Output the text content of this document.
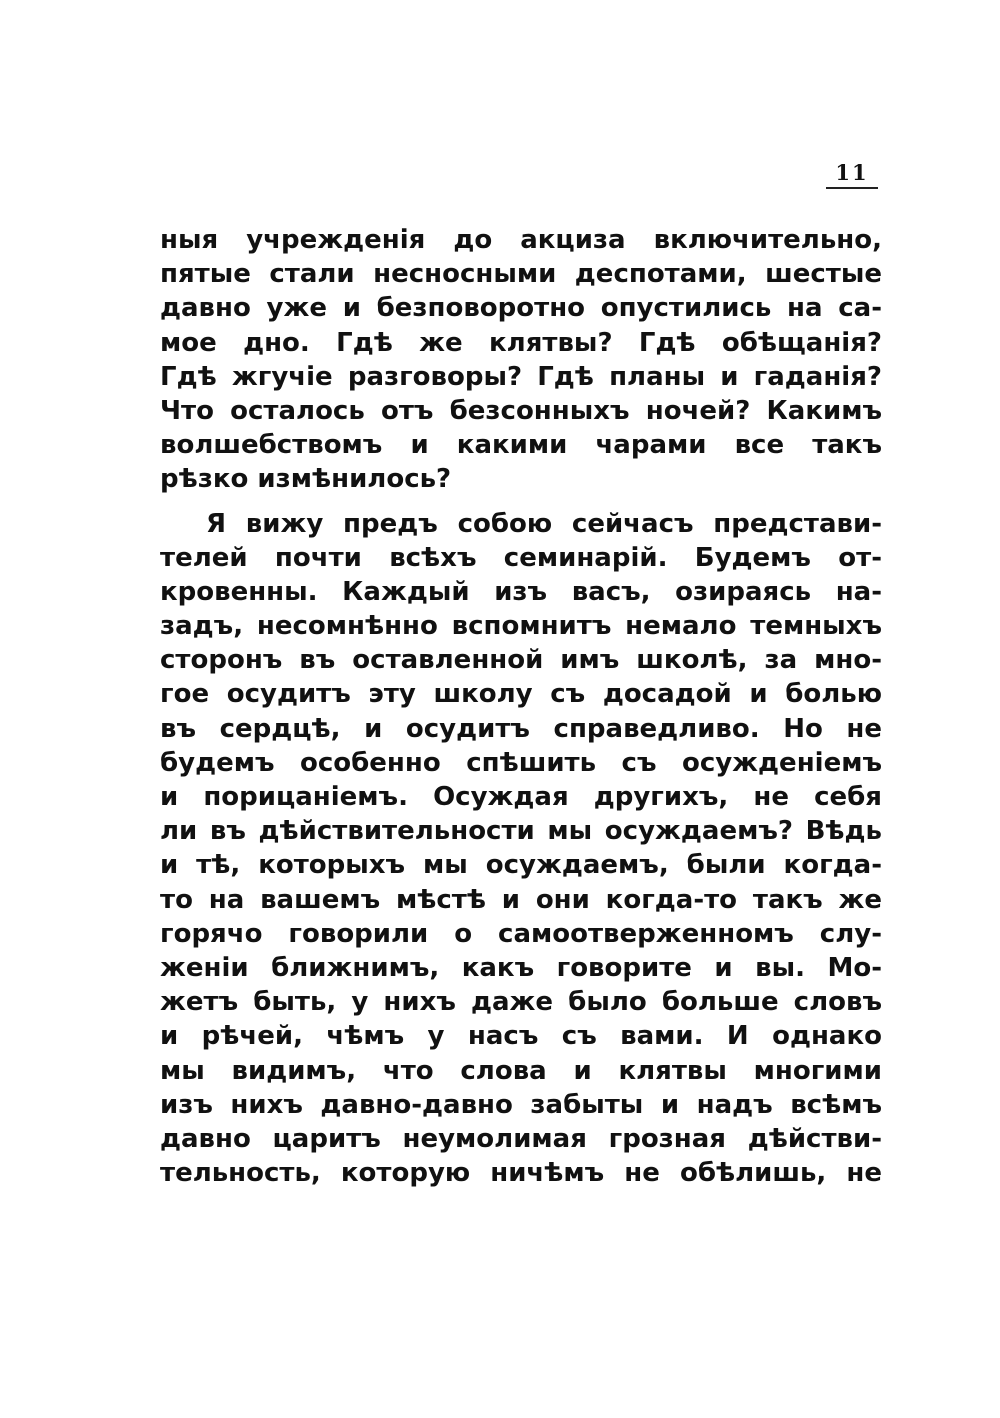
11
ныя учрежденія до акциза включительно,
пятые стали несносными деспотами, шестые
давно уже и безповоротно опустились на са-
мое дно. Гдѣ же клятвы? Гдѣ обѣщанія?
Гдѣ жгучіе разговоры? Гдѣ планы и гаданія?
Что осталось отъ безсонныхъ ночей? Какимъ
волшебствомъ и какими чарами все такъ
рѣзко измѣнилось?
Я вижу предъ собою сейчасъ представи-
телей почти всѣхъ семинарій. Будемъ от-
кровенны. Каждый изъ васъ, озираясь на-
задъ, несомнѣнно вспомнитъ немало темныхъ
сторонъ въ оставленной имъ школѣ, за мно-
гое осудитъ эту школу съ досадой и болью
въ сердцѣ, и осудитъ справедливо. Но не
будемъ особенно спѣшить съ осужденіемъ
и порицаніемъ. Осуждая другихъ, не себя
ли въ дѣйствительности мы осуждаемъ? Вѣдь
и тѣ, которыхъ мы осуждаемъ, были когда-
то на вашемъ мѣстѣ и они когда-то такъ же
горячо говорили о самоотверженномъ слу-
женіи ближнимъ, какъ говорите и вы. Мо-
жетъ быть, у нихъ даже было больше словъ
и рѣчей, чѣмъ у насъ съ вами. И однако
мы видимъ, что слова и клятвы многими
изъ нихъ давно-давно забыты и надъ всѣмъ
давно царитъ неумолимая грозная дѣйстви-
тельность, которую ничѣмъ не обѣлишь, не
